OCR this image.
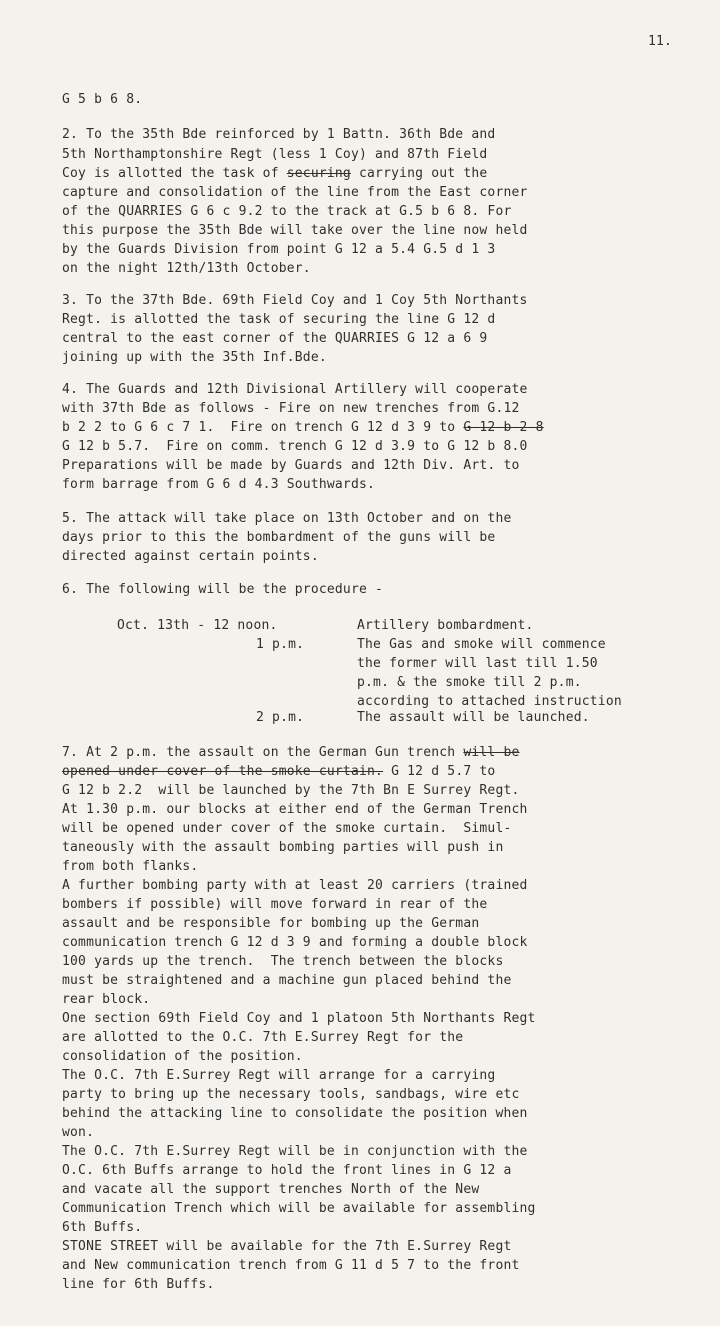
11.
G 5 b 6 8.
2. To the 35th Bde reinforced by 1 Battn. 36th Bde and
5th Northamptonshire Regt (less 1 Coy) and 87th Field
Coy is allotted the task of securing carrying out the
capture and consolidation of the line from the East corner
of the QUARRIES G 6 c 9.2 to the track at G.5 b 6 8. For
this purpose the 35th Bde will take over the line now held
by the Guards Division from point G 12 a 5.4 G.5 d 1 3
on the night 12th/13th October.
3. To the 37th Bde. 69th Field Coy and 1 Coy 5th Northants
Regt. is allotted the task of securing the line G 12 d
central to the east corner of the QUARRIES G 12 a 6 9
joining up with the 35th Inf.Bde.
4. The Guards and 12th Divisional Artillery will cooperate
with 37th Bde as follows - Fire on new trenches from G.12
b 2 2 to G 6 c 7 1.  Fire on trench G 12 d 3 9 to G-12-b-2-8
G 12 b 5.7.  Fire on comm. trench G 12 d 3.9 to G 12 b 8.0
Preparations will be made by Guards and 12th Div. Art. to
form barrage from G 6 d 4.3 Southwards.
5. The attack will take place on 13th October and on the
days prior to this the bombardment of the guns will be
directed against certain points.
6. The following will be the procedure -
Oct. 13th - 12 noon.	Artillery bombardment.
1 p.m.	The Gas and smoke will commence
the former will last till 1.50
p.m. & the smoke till 2 p.m.
according to attached instruction
2 p.m.	The assault will be launched.
7. At 2 p.m. the assault on the German Gun trench will be
opened under cover of the smoke curtain. G 12 d 5.7 to
G 12 b 2.2  will be launched by the 7th Bn E Surrey Regt.
At 1.30 p.m. our blocks at either end of the German Trench
will be opened under cover of the smoke curtain.  Simul-
taneously with the assault bombing parties will push in
from both flanks.
A further bombing party with at least 20 carriers (trained
bombers if possible) will move forward in rear of the
assault and be responsible for bombing up the German
communication trench G 12 d 3 9 and forming a double block
100 yards up the trench.  The trench between the blocks
must be straightened and a machine gun placed behind the
rear block.
One section 69th Field Coy and 1 platoon 5th Northants Regt
are allotted to the O.C. 7th E.Surrey Regt for the
consolidation of the position.
The O.C. 7th E.Surrey Regt will arrange for a carrying
party to bring up the necessary tools, sandbags, wire etc
behind the attacking line to consolidate the position when
won.
The O.C. 7th E.Surrey Regt will be in conjunction with the
O.C. 6th Buffs arrange to hold the front lines in G 12 a
and vacate all the support trenches North of the New
Communication Trench which will be available for assembling
6th Buffs.
STONE STREET will be available for the 7th E.Surrey Regt
and New communication trench from G 11 d 5 7 to the front
line for 6th Buffs.
